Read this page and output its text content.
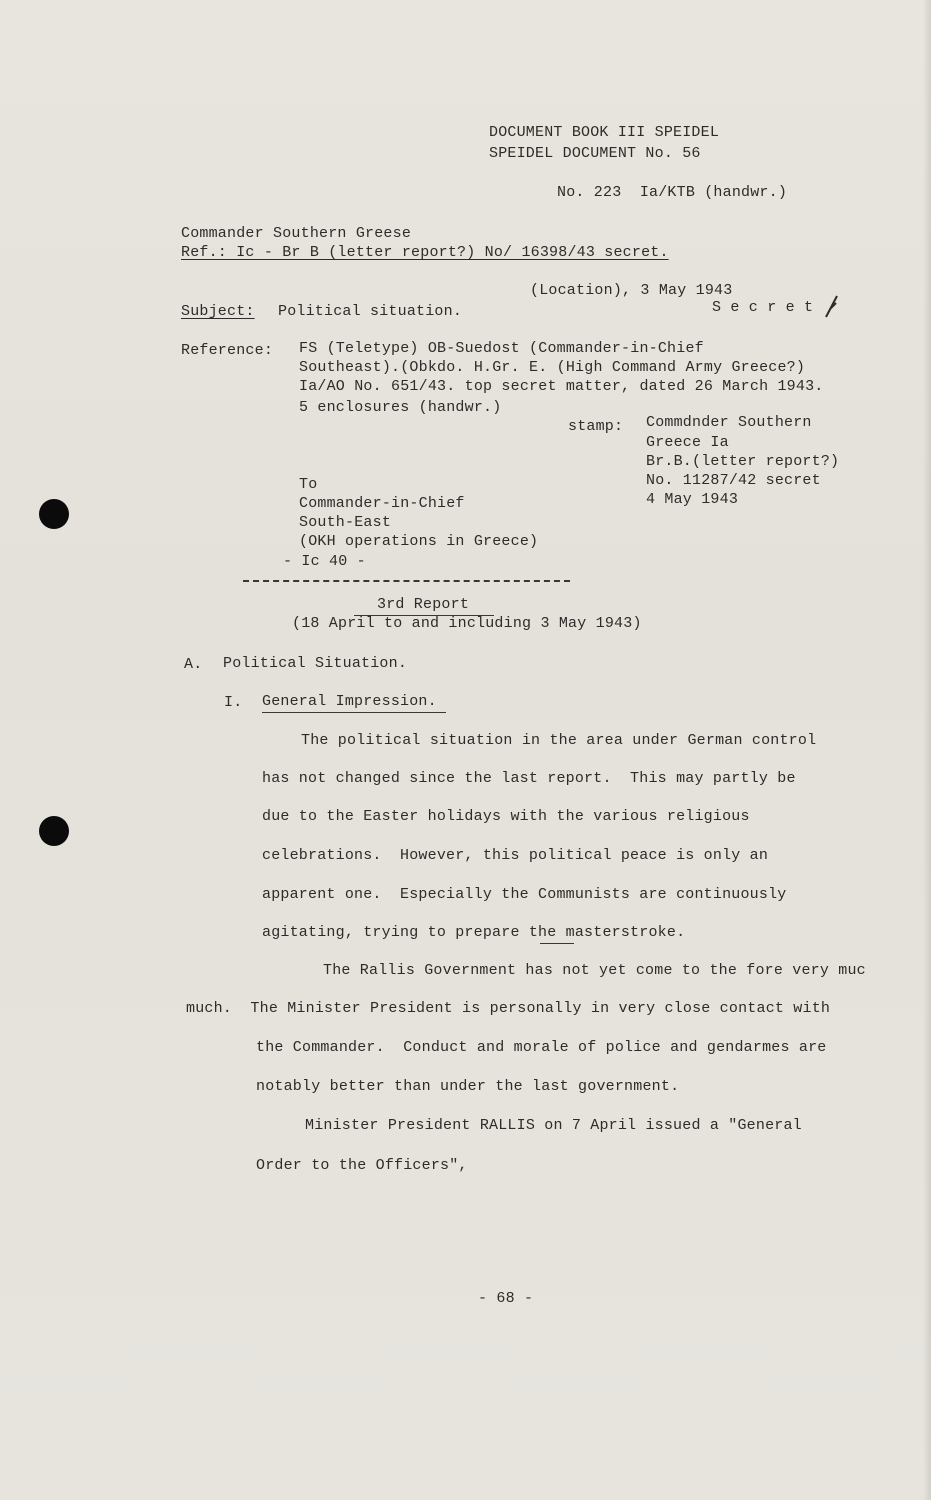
DOCUMENT BOOK III SPEIDEL
SPEIDEL DOCUMENT No. 56
No. 223  Ia/KTB (handwr.)
Commander Southern Greese
Ref.: Ic - Br B (letter report?) No/ 16398/43 secret.
(Location), 3 May 1943
Subject: Political situation.	S e c r e t
Reference: FS (Teletype) OB-Suedost (Commander-in-Chief
Southeast).(Obkdo. H.Gr. E. (High Command Army Greece?)
Ia/AO No. 651/43. top secret matter, dated 26 March 1943.
5 enclosures (handwr.)
stamp: Commdnder Southern
Greece Ia
Br.B.(letter report?)
No. 11287/42 secret
4 May 1943
To
Commander-in-Chief
South-East
(OKH operations in Greece)
- Ic 40 -
3rd Report
(18 April to and including 3 May 1943)
A. Political Situation.
I. General Impression.
The political situation in the area under German control
has not changed since the last report.  This may partly be
due to the Easter holidays with the various religious
celebrations.  However, this political peace is only an
apparent one.  Especially the Communists are continuously
agitating, trying to prepare the masterstroke.
The Rallis Government has not yet come to the fore very muc
much.  The Minister President is personally in very close contact with
the Commander.  Conduct and morale of police and gendarmes are
notably better than under the last government.
Minister President RALLIS on 7 April issued a "General
Order to the Officers",
- 68 -
